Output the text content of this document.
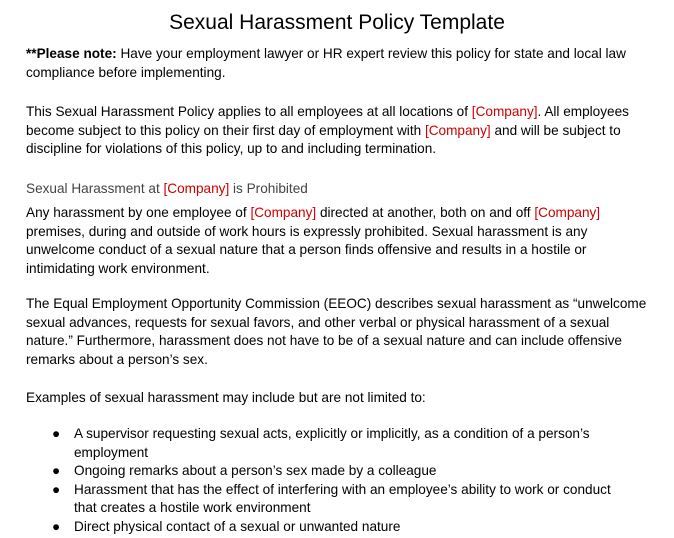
Sexual Harassment Policy Template
**Please note: Have your employment lawyer or HR expert review this policy for state and local law compliance before implementing.
This Sexual Harassment Policy applies to all employees at all locations of [Company]. All employees become subject to this policy on their first day of employment with [Company] and will be subject to discipline for violations of this policy, up to and including termination.
Sexual Harassment at [Company] is Prohibited
Any harassment by one employee of [Company] directed at another, both on and off [Company] premises, during and outside of work hours is expressly prohibited. Sexual harassment is any unwelcome conduct of a sexual nature that a person finds offensive and results in a hostile or intimidating work environment.
The Equal Employment Opportunity Commission (EEOC) describes sexual harassment as “unwelcome sexual advances, requests for sexual favors, and other verbal or physical harassment of a sexual nature.” Furthermore, harassment does not have to be of a sexual nature and can include offensive remarks about a person’s sex.
Examples of sexual harassment may include but are not limited to:
● A supervisor requesting sexual acts, explicitly or implicitly, as a condition of a person’s employment
● Ongoing remarks about a person’s sex made by a colleague
● Harassment that has the effect of interfering with an employee’s ability to work or conduct that creates a hostile work environment
● Direct physical contact of a sexual or unwanted nature
